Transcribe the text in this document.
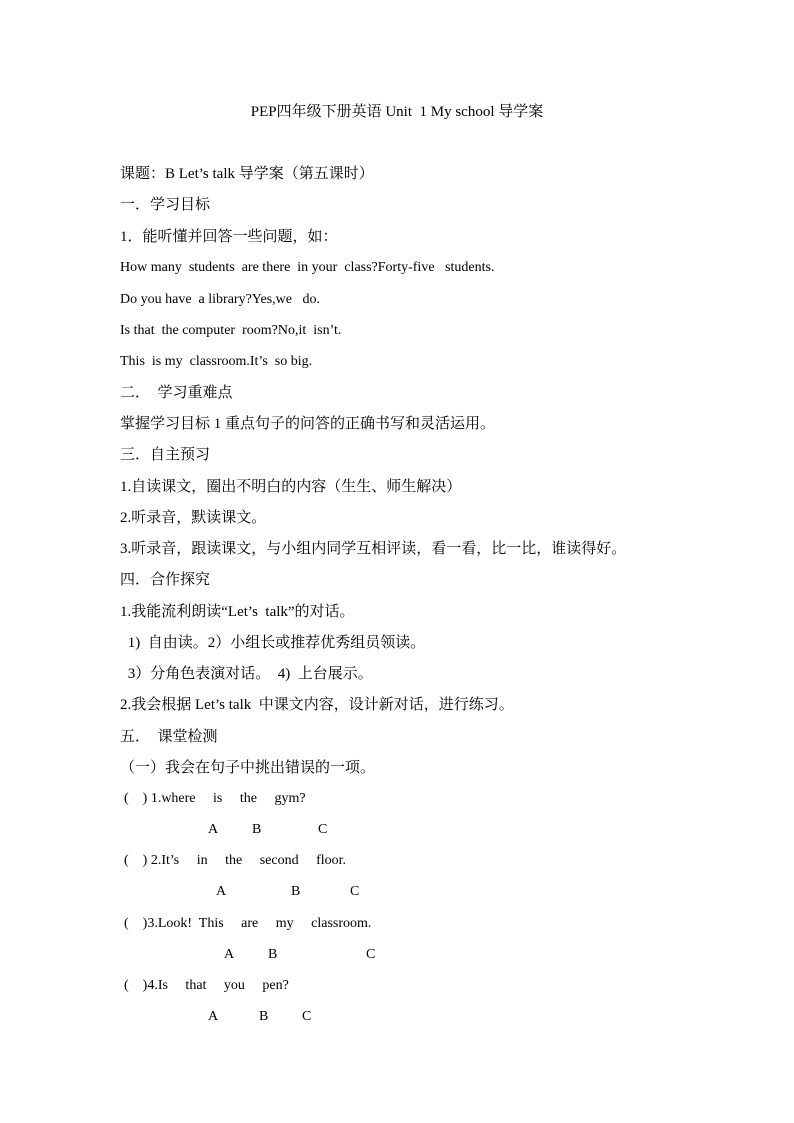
PEP四年级下册英语 Unit  1 My school 导学案
课题：B Let’s talk 导学案（第五课时）
一．学习目标
1．能听懂并回答一些问题，如：
How many  students  are there  in your  class?Forty-five   students.
Do you have  a library?Yes,we   do.
Is that  the computer  room?No,it  isn’t.
This  is my  classroom.It’s  so big.
二．  学习重难点
掌握学习目标 1 重点句子的问答的正确书写和灵活运用。
三．自主预习
1.自读课文，圈出不明白的内容（生生、师生解决）
2.听录音，默读课文。
3.听录音，跟读课文，与小组内同学互相评读，看一看，比一比，谁读得好。
四．合作探究
1.我能流利朗读“Let’s  talk”的对话。
1)  自由读。2）小组长或推荐优秀组员领读。
3）分角色表演对话。  4)  上台展示。
2.我会根据 Let’s talk  中课文内容，设计新对话，进行练习。
五．  课堂检测
（一）我会在句子中挑出错误的一项。
(    ) 1.where     is     the     gym?
A B	C
(    ) 2.It’s     in     the     second     floor.
A	B	C
(    )3.Look!  This     are     my     classroom.
A B	C
(    )4.Is     that     you     pen?
A	B C
